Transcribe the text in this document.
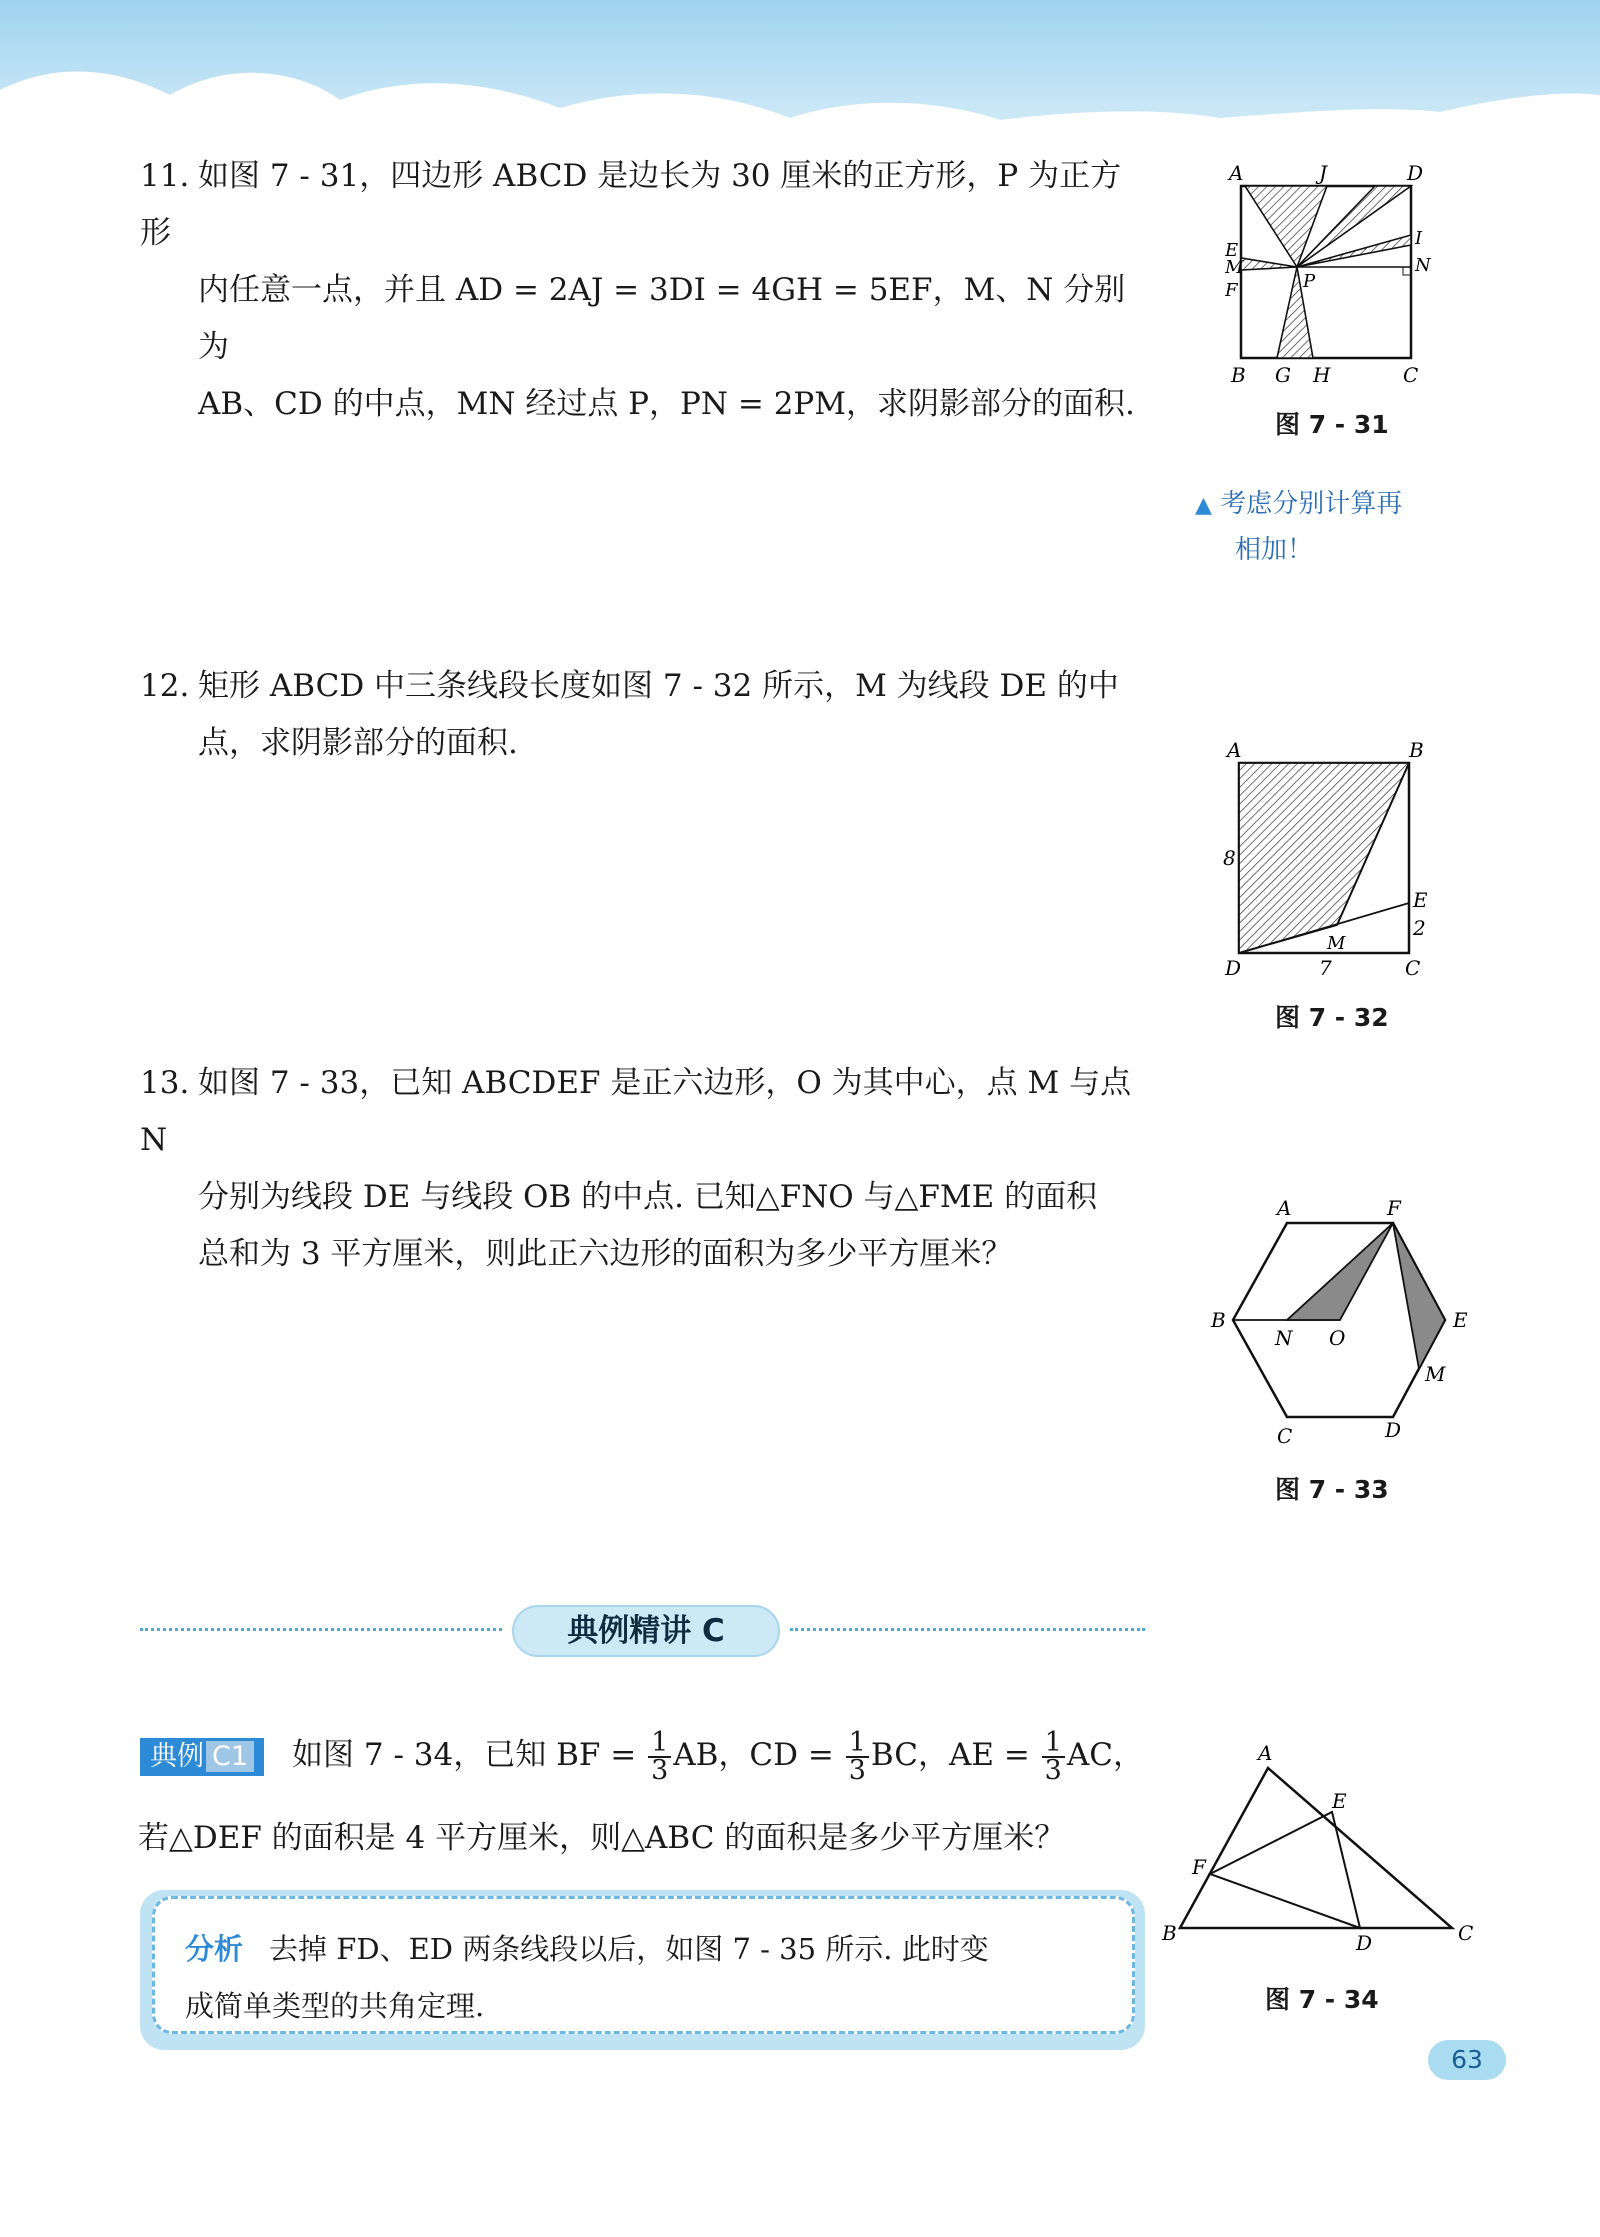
11. 如图 7 - 31，四边形 ABCD 是边长为 30 厘米的正方形，P 为正方形
内任意一点，并且 AD = 2AJ = 3DI = 4GH = 5EF，M、N 分别为
AB、CD 的中点，MN 经过点 P，PN = 2PM，求阴影部分的面积.
A	J	D
E
M
F
I
N
P
B G H	C
图 7 - 31
▲ 考虑分别计算再
相加！
12. 矩形 ABCD 中三条线段长度如图 7 - 32 所示，M 为线段 DE 的中
点，求阴影部分的面积.	A	B
E
M
D	C
8
7
2
图 7 - 32
13. 如图 7 - 33，已知 ABCDEF 是正六边形，O 为其中心，点 M 与点 N
分别为线段 DE 与线段 OB 的中点. 已知△FNO 与△FME 的面积
总和为 3 平方厘米，则此正六边形的面积为多少平方厘米？
A	F
B
N O
E
M
C	D
图 7 - 33
典例精讲 C
典例 C1 如图 7 - 34，已知 BF = $\frac{1}{3}$ AB，CD = $\frac{1}{3}$ BC，AE = $\frac{1}{3}$ AC，
若△DEF 的面积是 4 平方厘米，则△ABC 的面积是多少平方厘米？
A
E
F
B	D	C
图 7 - 34
分析 去掉 FD、ED 两条线段以后，如图 7 - 35 所示. 此时变
成简单类型的共角定理.
63
